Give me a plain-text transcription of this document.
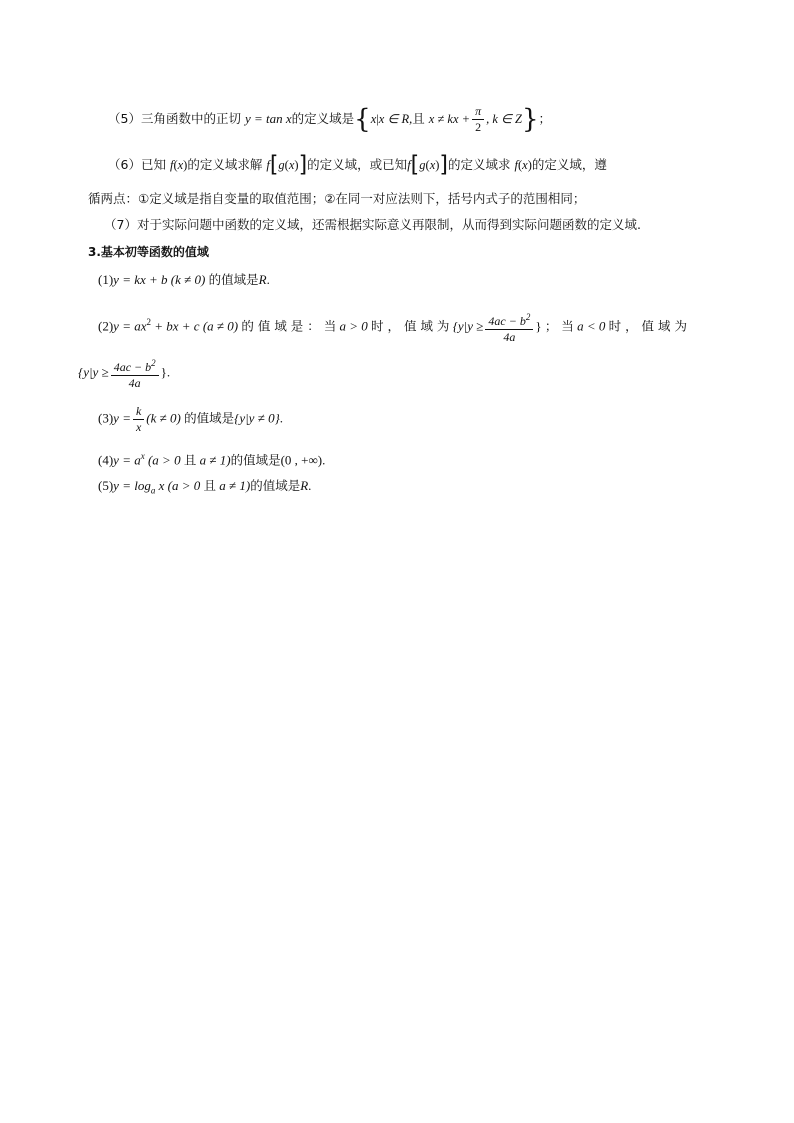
（5）三角函数中的正切 y = tan x的定义域是{x|x ∈ R,且 x ≠ kx + $\frac{\pi}{2}$ , k ∈ Z}；
（6）已知 f(x)的定义域求解 f[g(x)]的定义域，或已知f[g(x)]的定义域求 f(x)的定义域，遵
循两点：①定义域是指自变量的取值范围；②在同一对应法则下，括号内式子的范围相同；
（7）对于实际问题中函数的定义域，还需根据实际意义再限制，从而得到实际问题函数的定义域.
3.基本初等函数的值域
(1)y = kx + b (k ≠ 0) 的值域是R.
$(2)y = ax^2$ + bx + c (a ≠ 0) 的 值 域 是 ： 当 a > 0 时 ， 值 域 为 {$y|y \ge \frac{4ac - b^2}{4a}$ } ； 当 a < 0 时 ， 值 域 为
{$y|y \ge \frac{4ac - b^2}{4a}$ }.
$(3)y = \frac{k}{x} (k \ne 0)$ 的值域是{y|y ≠ 0}.
$(4)y = a^x$ (a > 0 且 a ≠ 1)的值域是(0 , +∞).
$(5)y = \log_a x$ (a > 0 且 a ≠ 1)的值域是R.
